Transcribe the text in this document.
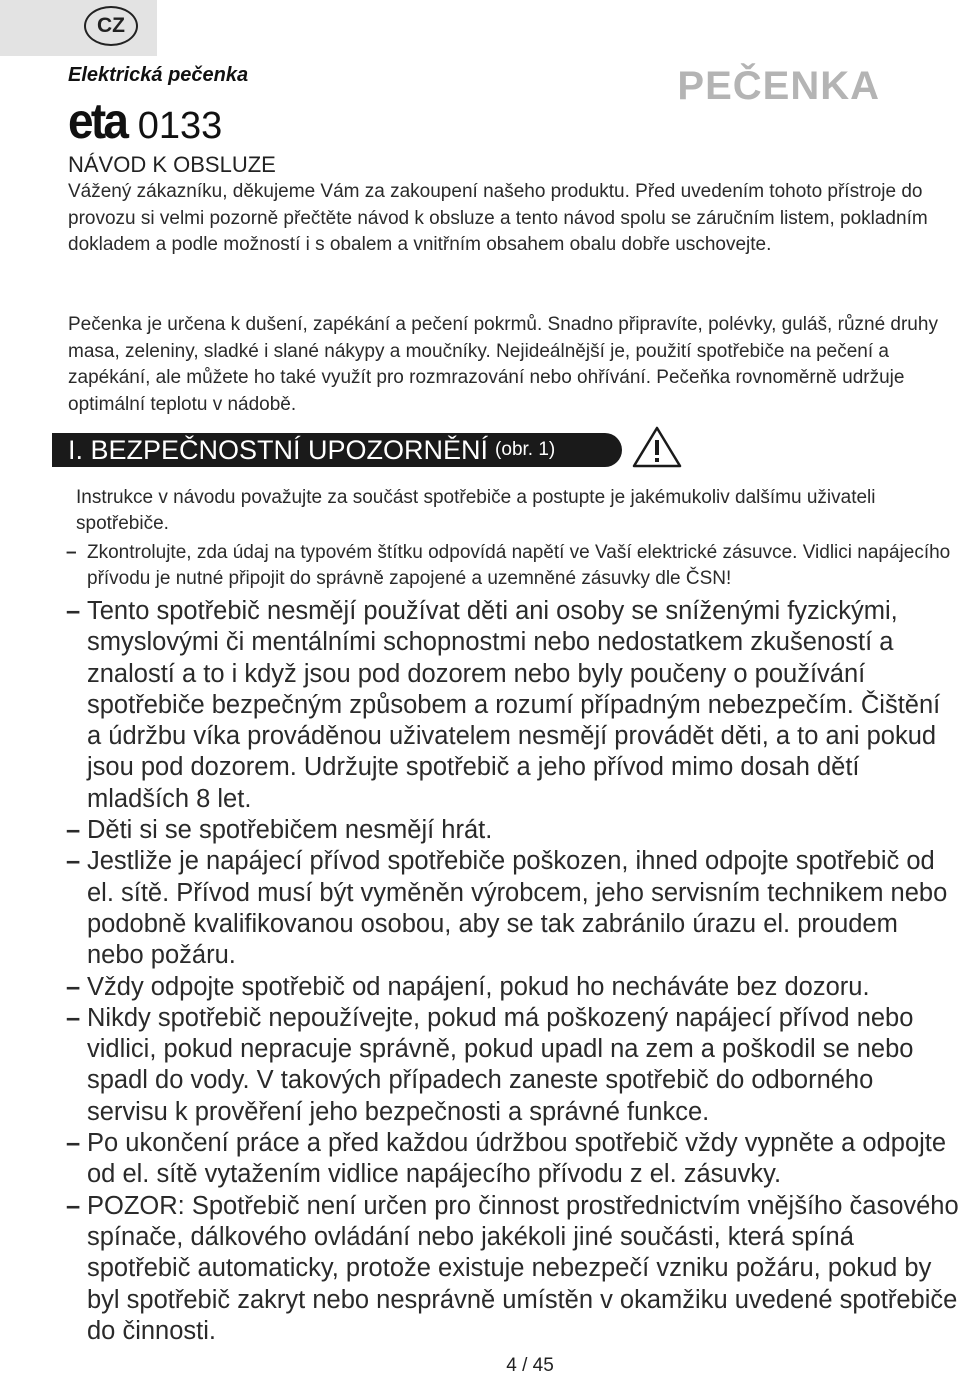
CZ
Elektrická pečenka	PEČENKA
eta 0133
NÁVOD K OBSLUZE

Vážený zákazníku, děkujeme Vám za zakoupení našeho produktu. Před uvedením tohoto přístroje do provozu si velmi pozorně přečtěte návod k obsluze a tento návod spolu se záručním listem, pokladním dokladem a podle možností i s obalem a vnitřním obsahem obalu dobře uschovejte.

Pečenka je určena k dušení, zapékání a pečení pokrmů. Snadno připravíte, polévky, guláš, různé druhy masa, zeleniny, sladké i slané nákypy a moučníky. Nejideálnější je, použití spotřebiče na pečení a zapékání, ale můžete ho také využít pro rozmrazování nebo ohřívání. Pečeňka rovnoměrně udržuje optimální teplotu v nádobě.

I. BEZPEČNOSTNÍ UPOZORNĚNÍ (obr. 1)

Instrukce v návodu považujte za součást spotřebiče a postupte je jakémukoliv dalšímu uživateli spotřebiče.

– Zkontrolujte, zda údaj na typovém štítku odpovídá napětí ve Vaší elektrické zásuvce. Vidlici napájecího přívodu je nutné připojit do správně zapojené a uzemněné zásuvky dle ČSN!
– Tento spotřebič nesmějí používat děti ani osoby se sníženými fyzickými, smyslovými či mentálními schopnostmi nebo nedostatkem zkušeností a znalostí a to i když jsou pod dozorem nebo byly poučeny o používání spotřebiče bezpečným způsobem a rozumí případným nebezpečím. Čištění a údržbu víka prováděnou uživatelem nesmějí provádět děti, a to ani pokud jsou pod dozorem. Udržujte spotřebič a jeho přívod mimo dosah dětí mladších 8 let.
– Děti si se spotřebičem nesmějí hrát.
– Jestliže je napájecí přívod spotřebiče poškozen, ihned odpojte spotřebič od el. sítě. Přívod musí být vyměněn výrobcem, jeho servisním technikem nebo podobně kvalifikovanou osobou, aby se tak zabránilo úrazu el. proudem nebo požáru.
– Vždy odpojte spotřebič od napájení, pokud ho necháváte bez dozoru.
– Nikdy spotřebič nepoužívejte, pokud má poškozený napájecí přívod nebo vidlici, pokud nepracuje správně, pokud upadl na zem a poškodil se nebo spadl do vody. V takových případech zaneste spotřebič do odborného servisu k prověření jeho bezpečnosti a správné funkce.
– Po ukončení práce a před každou údržbou spotřebič vždy vypněte a odpojte od el. sítě vytažením vidlice napájecího přívodu z el. zásuvky.
– POZOR: Spotřebič není určen pro činnost prostřednictvím vnějšího časového spínače, dálkového ovládání nebo jakékoli jiné součásti, která spíná spotřebič automaticky, protože existuje nebezpečí vzniku požáru, pokud by byl spotřebič zakryt nebo nesprávně umístěn v okamžiku uvedené spotřebiče do činnosti.
4 / 45
